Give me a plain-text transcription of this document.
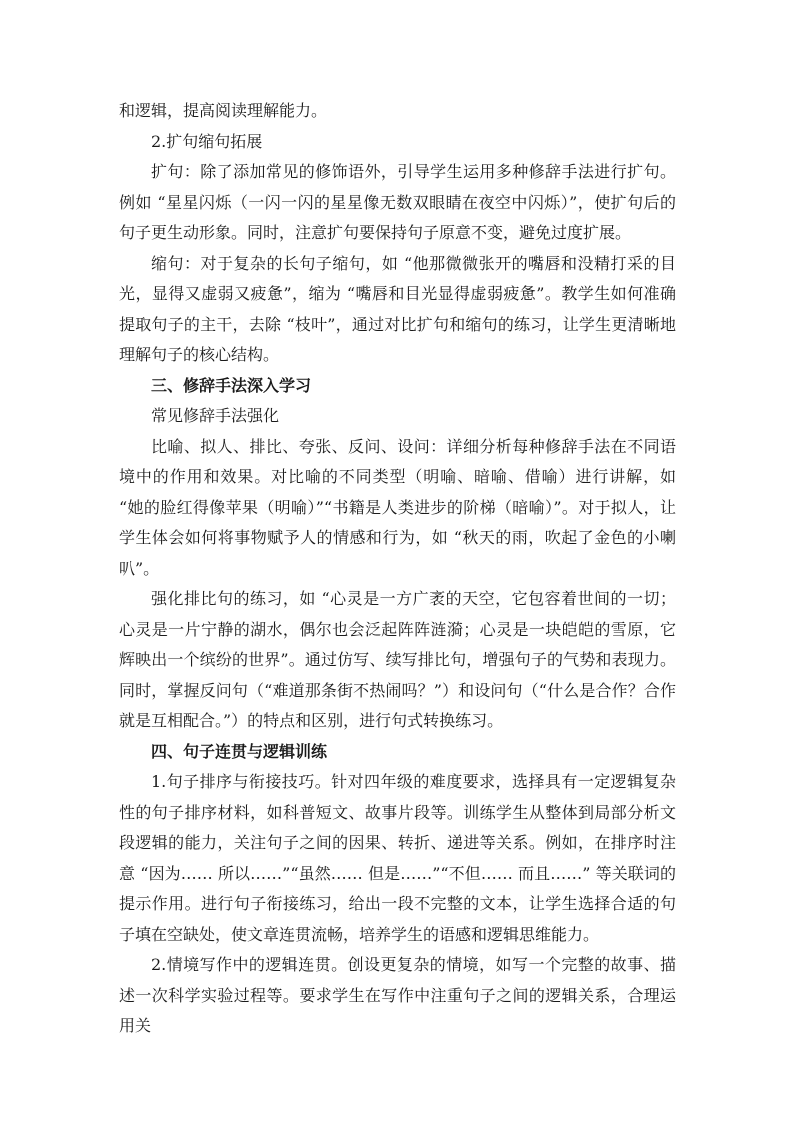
和逻辑，提高阅读理解能力。

2.扩句缩句拓展

扩句：除了添加常见的修饰语外，引导学生运用多种修辞手法进行扩句。例如 “星星闪烁（一闪一闪的星星像无数双眼睛在夜空中闪烁）”，使扩句后的句子更生动形象。同时，注意扩句要保持句子原意不变，避免过度扩展。

缩句：对于复杂的长句子缩句，如 “他那微微张开的嘴唇和没精打采的目光，显得又虚弱又疲惫”，缩为 “嘴唇和目光显得虚弱疲惫”。教学生如何准确提取句子的主干，去除 “枝叶”，通过对比扩句和缩句的练习，让学生更清晰地理解句子的核心结构。

三、修辞手法深入学习

常见修辞手法强化

比喻、拟人、排比、夸张、反问、设问：详细分析每种修辞手法在不同语境中的作用和效果。对比喻的不同类型（明喻、暗喻、借喻）进行讲解，如 “她的脸红得像苹果（明喻）”“书籍是人类进步的阶梯（暗喻）”。对于拟人，让学生体会如何将事物赋予人的情感和行为，如 “秋天的雨，吹起了金色的小喇叭”。

强化排比句的练习，如 “心灵是一方广袤的天空，它包容着世间的一切；心灵是一片宁静的湖水，偶尔也会泛起阵阵涟漪；心灵是一块皑皑的雪原，它辉映出一个缤纷的世界”。通过仿写、续写排比句，增强句子的气势和表现力。同时，掌握反问句（“难道那条街不热闹吗？”）和设问句（“什么是合作？合作就是互相配合。”）的特点和区别，进行句式转换练习。

四、句子连贯与逻辑训练

1.句子排序与衔接技巧。针对四年级的难度要求，选择具有一定逻辑复杂性的句子排序材料，如科普短文、故事片段等。训练学生从整体到局部分析文段逻辑的能力，关注句子之间的因果、转折、递进等关系。例如，在排序时注意 “因为…… 所以……”“虽然…… 但是……”“不但…… 而且……” 等关联词的提示作用。进行句子衔接练习，给出一段不完整的文本，让学生选择合适的句子填在空缺处，使文章连贯流畅，培养学生的语感和逻辑思维能力。

2.情境写作中的逻辑连贯。创设更复杂的情境，如写一个完整的故事、描述一次科学实验过程等。要求学生在写作中注重句子之间的逻辑关系，合理运用关
